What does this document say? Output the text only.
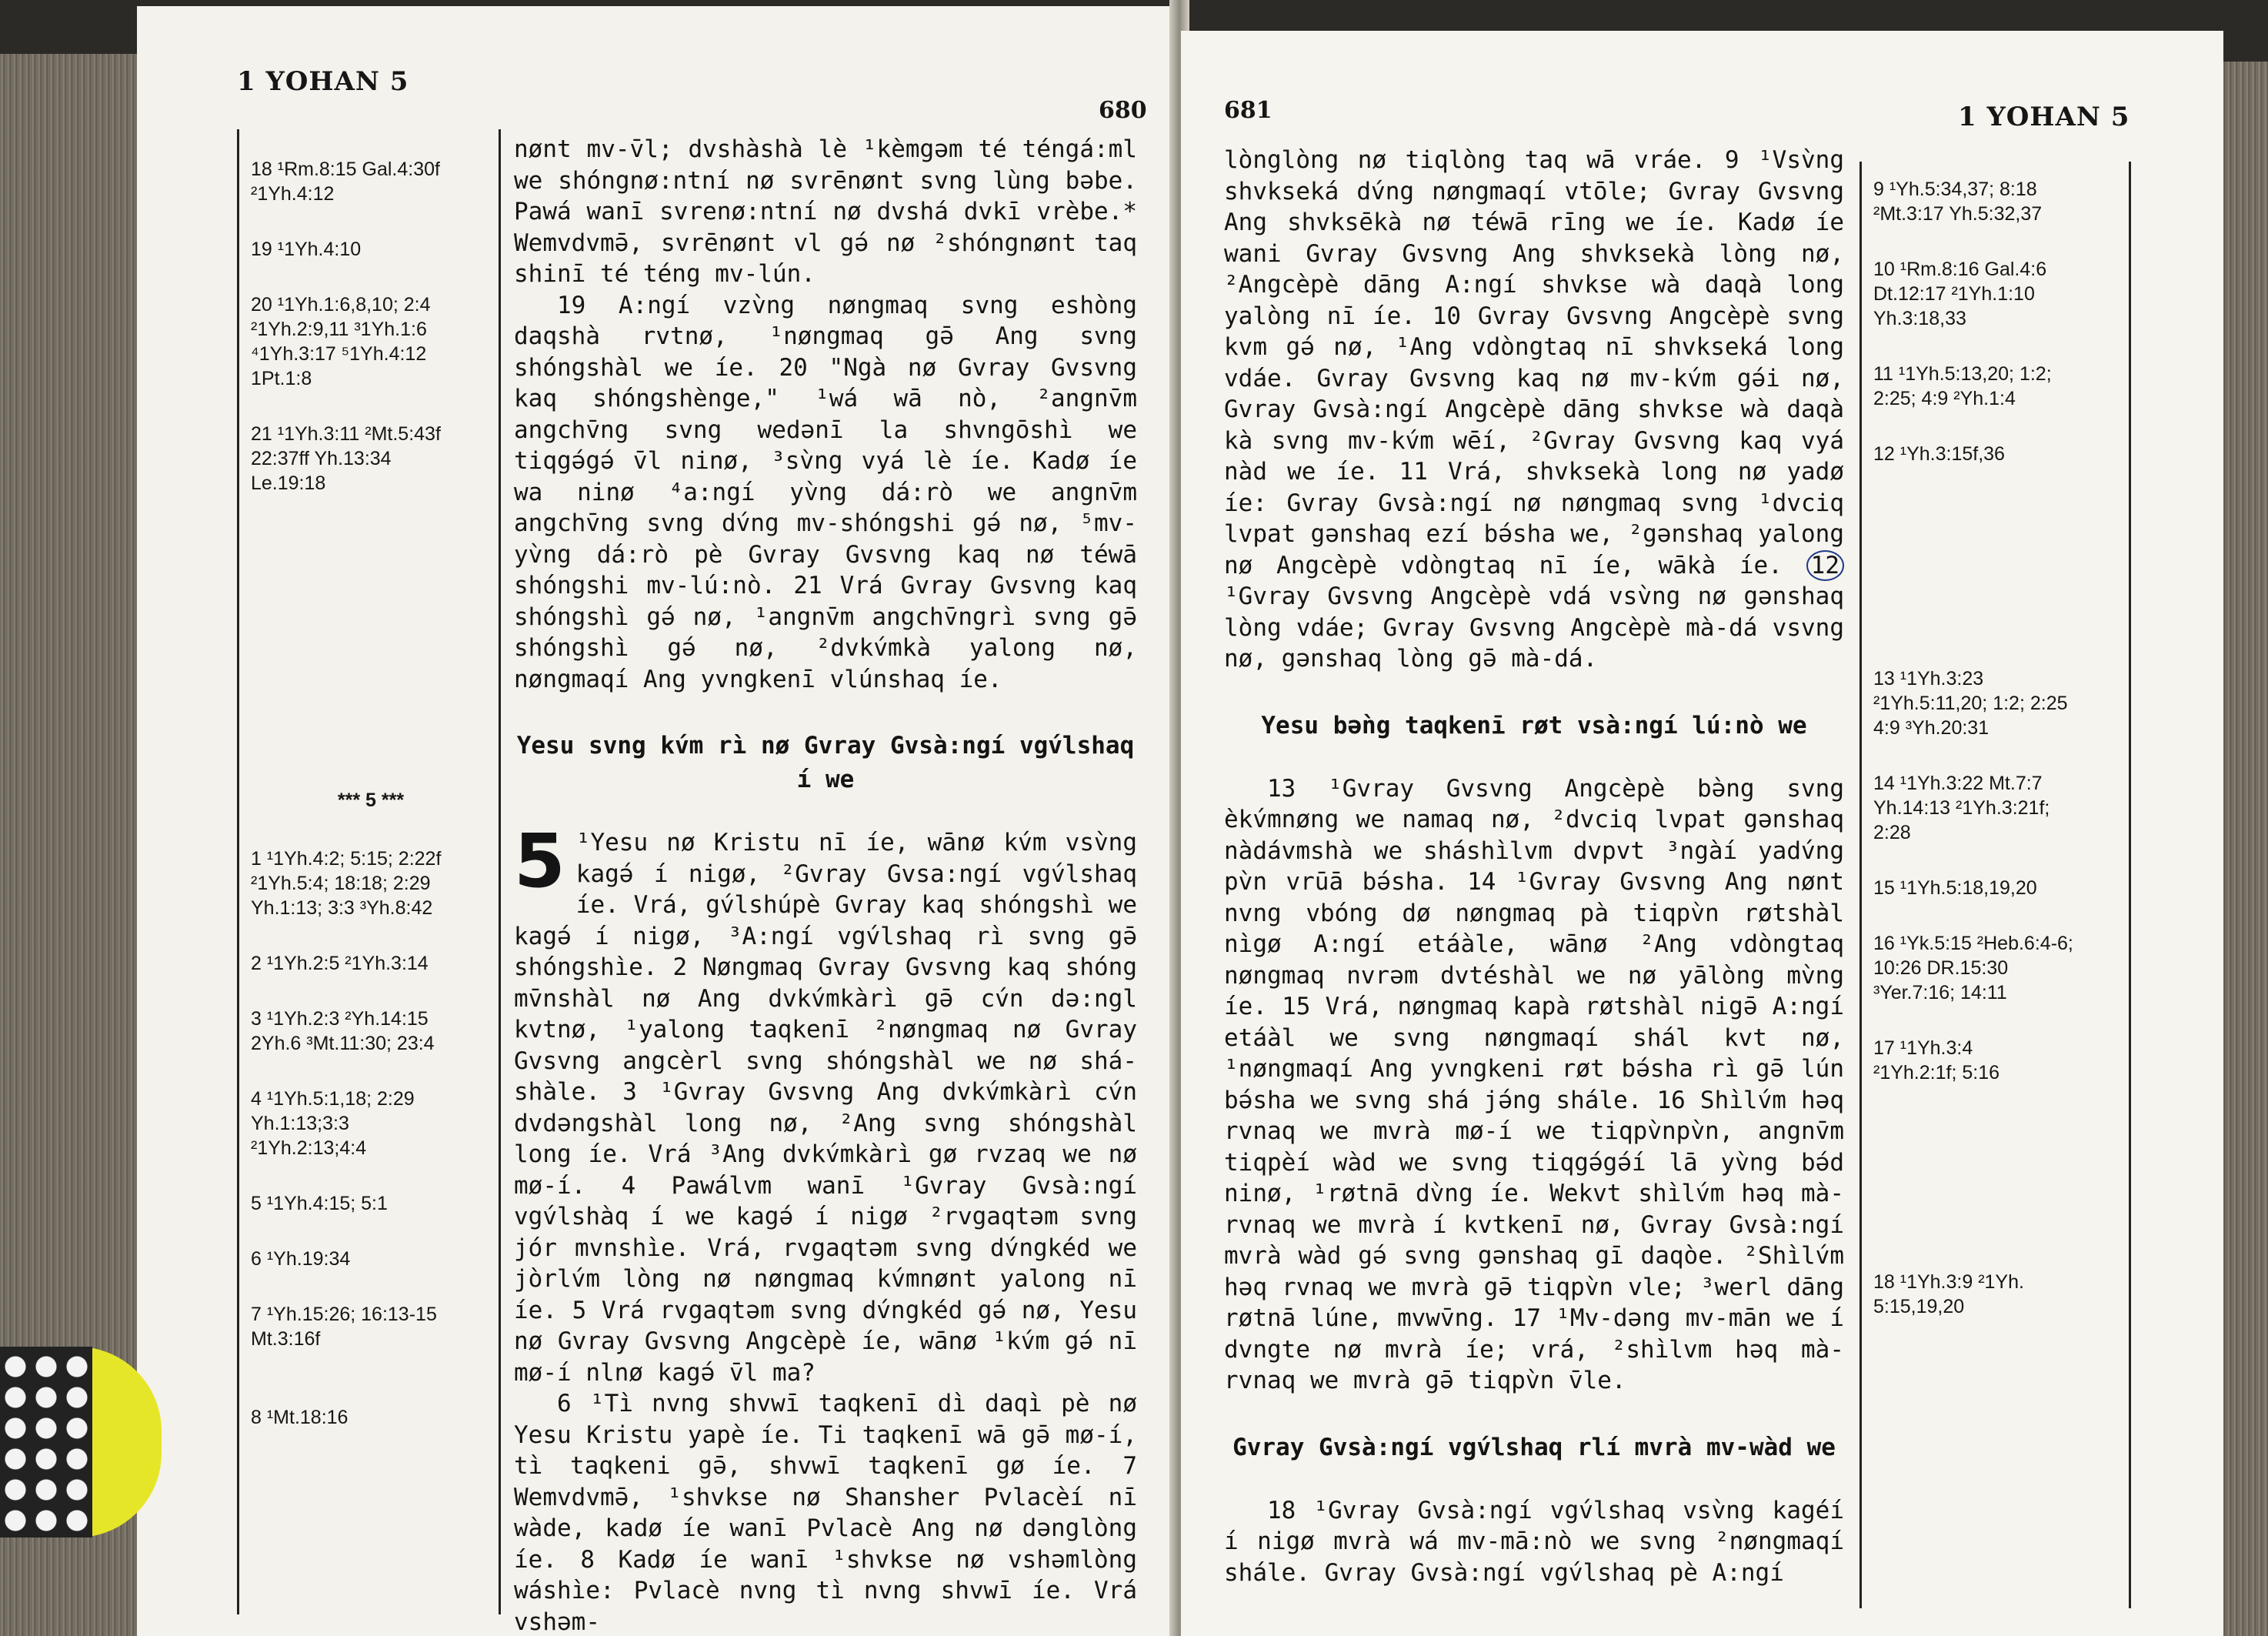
1 YOHAN 5
680
18 ¹Rm.8:15 Gal.4:30f
²1Yh.4:12
19 ¹1Yh.4:10
20 ¹1Yh.1:6,8,10; 2:4
²1Yh.2:9,11 ³1Yh.1:6
⁴1Yh.3:17 ⁵1Yh.4:12
1Pt.1:8
21 ¹1Yh.3:11 ²Mt.5:43f
22:37ff Yh.13:34
Le.19:18
*** 5 ***
1 ¹1Yh.4:2; 5:15; 2:22f
²1Yh.5:4; 18:18; 2:29
Yh.1:13; 3:3 ³Yh.8:42
2 ¹1Yh.2:5 ²1Yh.3:14
3 ¹1Yh.2:3 ²Yh.14:15
2Yh.6 ³Mt.11:30; 23:4
4 ¹1Yh.5:1,18; 2:29
Yh.1:13;3:3
²1Yh.2:13;4:4
5 ¹1Yh.4:15; 5:1
6 ¹Yh.19:34
7 ¹Yh.15:26; 16:13-15
Mt.3:16f
8 ¹Mt.18:16

nønt mv-v̄l; dvshàshà lè ¹kèmgəm té téngá:ml we shóngnø:ntní nø svrēnønt svng lùng bəbe. Pawá wanī svrenø:ntní nø dvshá dvkī vrèbe.* Wemvdvmə̄, svrēnønt vl gə́ nø ²shóngnønt taq shinī té téng mv-lún.

19 A:ngí vzv̀ng nøngmaq svng eshòng daqshà rvtnø, ¹nøngmaq gə̄ Ang svng shóngshàl we íe. 20 "Ngà nø Gvray Gvsvng kaq shóngshènge," ¹wá wā nò, ²angnv̄m angchv̄ng svng wedənī la shvngōshì we tiqgə́gə́ v̄l ninø, ³sv̀ng vyá lè íe. Kadø íe wa ninø ⁴a:ngí yv̀ng dá:rò we angnv̄m angchv̄ng svng dv́ng mv-shóngshi gə́ nø, ⁵mv-yv̀ng dá:rò pè Gvray Gvsvng kaq nø téwā shóngshi mv-lú:nò. 21 Vrá Gvray Gvsvng kaq shóngshì gə́ nø, ¹angnv̄m angchv̄ngrì svng gə̄ shóngshì gə́ nø, ²dvkv́mkà yalong nø, nøngmaqí Ang yvngkenī vlúnshaq íe.

Yesu svng kv́m rì nø Gvray Gvsà:ngí vgv́lshaq í we

5 ¹Yesu nø Kristu nī íe, wānø kv́m vsv̀ng kagə́ í nigø, ²Gvray Gvsa:ngí vgv́lshaq íe. Vrá, gv́lshúpè Gvray kaq shóngshì we kagə́ í nigø, ³A:ngí vgv́lshaq rì svng gə̄ shóngshìe. 2 Nøngmaq Gvray Gvsvng kaq shóng mv̄nshàl nø Ang dvkv́mkàrì gə̄ cv́n də:ngl kvtnø, ¹yalong taqkenī ²nøngmaq nø Gvray Gvsvng angcèrl svng shóngshàl we nø shá-shàle. 3 ¹Gvray Gvsvng Ang dvkv́mkàrì cv́n dvdəngshàl long nø, ²Ang svng shóngshàl long íe. Vrá ³Ang dvkv́mkàrì gø rvzaq we nø mø-í. 4 Pawálvm wanī ¹Gvray Gvsà:ngí vgv́lshàq í we kagə́ í nigø ²rvgaqtəm svng jór mvnshìe. Vrá, rvgaqtəm svng dv́ngkéd we jòrlv́m lòng nø nøngmaq kv́mnønt yalong nī íe. 5 Vrá rvgaqtəm svng dv́ngkéd gə́ nø, Yesu nø Gvray Gvsvng Angcèpè íe, wānø ¹kv́m gə́ nī mø-í nlnø kagə́ v̄l ma?

6 ¹Tì nvng shvwī taqkenī dì daqì pè nø Yesu Kristu yapè íe. Ti taqkenī wā gə̄ mø-í, tì taqkeni gə̄, shvwī taqkenī gø íe. 7 Wemvdvmə̄, ¹shvkse nø Shansher Pvlacèí nī wàde, kadø íe wanī Pvlacè Ang nø dənglòng íe. 8 Kadø íe wanī ¹shvkse nø vshəmlòng wáshìe: Pvlacè nvng tì nvng shvwī íe. Vrá vshəm-

681	1 YOHAN 5

lònglòng nø tiqlòng taq wā vráe. 9 ¹Vsv̀ng shvkseká dv́ng nøngmaqí vtōle; Gvray Gvsvng Ang shvksēkà nø téwā rīng we íe. Kadø íe wani Gvray Gvsvng Ang shvksekà lòng nø, ²Angcèpè dāng A:ngí shvkse wà daqà long yalòng nī íe. 10 Gvray Gvsvng Angcèpè svng kvm gə́ nø, ¹Ang vdòngtaq nī shvkseká long vdáe. Gvray Gvsvng kaq nø mv-kv́m gə́i nø, Gvray Gvsà:ngí Angcèpè dāng shvkse wà daqà kà svng mv-kv́m wēí, ²Gvray Gvsvng kaq vyá nàd we íe. 11 Vrá, shvksekà long nø yadø íe: Gvray Gvsà:ngí nø nøngmaq svng ¹dvciq lvpat gənshaq ezí bə́sha we, ²gənshaq yalong nø Angcèpè vdòngtaq nī íe, wākà íe. 12 ¹Gvray Gvsvng Angcèpè vdá vsv̀ng nø gənshaq lòng vdáe; Gvray Gvsvng Angcèpè mà-dá vsvng nø, gənshaq lòng gə̄ mà-dá.

Yesu bə̀ng taqkenī røt vsà:ngí lú:nò we

13 ¹Gvray Gvsvng Angcèpè bə̀ng svng èkv́mnøng we namaq nø, ²dvciq lvpat gənshaq nàdávmshà we sháshìlvm dvpvt ³ngàí yadv́ng pv̀n vrūā bə́sha. 14 ¹Gvray Gvsvng Ang nønt nvng vbóng dø nøngmaq pà tiqpv̀n røtshàl nìgø A:ngí etáàle, wānø ²Ang vdòngtaq nøngmaq nvrəm dvtéshàl we nø yālòng mv̀ng íe. 15 Vrá, nøngmaq kapà røtshàl nigə̄ A:ngí etáàl we svng nøngmaqí shál kvt nø, ¹nøngmaqí Ang yvngkeni røt bə́sha rì gə̄ lún bə́sha we svng shá jə́ng shále. 16 Shìlv́m həq rvnaq we mvrà mø-í we tiqpv̀npv̀n, angnv̄m tiqpèí wàd we svng tiqgə́gə́í lā yv̀ng bə́d ninø, ¹røtnā dv̀ng íe. Wekvt shìlv́m həq mà-rvnaq we mvrà í kvtkenī nø, Gvray Gvsà:ngí mvrà wàd gə́ svng gənshaq gī daqòe. ²Shìlv́m həq rvnaq we mvrà gə̄ tiqpv̀n vle; ³werl dāng røtnā lúne, mvwv̄ng. 17 ¹Mv-dəng mv-mān we í dvngte nø mvrà íe; vrá, ²shìlvm həq mà-rvnaq we mvrà gə̄ tiqpv̀n v̄le.

Gvray Gvsà:ngí vgv́lshaq rlí mvrà mv-wàd we

18 ¹Gvray Gvsà:ngí vgv́lshaq vsv̀ng kagéí í nigø mvrà wá mv-mā:nò we svng ²nøngmaqí shále. Gvray Gvsà:ngí vgv́lshaq pè A:ngí

9 ¹Yh.5:34,37; 8:18
²Mt.3:17 Yh.5:32,37
10 ¹Rm.8:16 Gal.4:6
Dt.12:17 ²1Yh.1:10
Yh.3:18,33
11 ¹1Yh.5:13,20; 1:2;
2:25; 4:9 ²Yh.1:4
12 ¹Yh.3:15f,36
13 ¹1Yh.3:23
²1Yh.5:11,20; 1:2; 2:25
4:9 ³Yh.20:31
14 ¹1Yh.3:22 Mt.7:7
Yh.14:13 ²1Yh.3:21f;
2:28
15 ¹1Yh.5:18,19,20
16 ¹Yk.5:15 ²Heb.6:4-6;
10:26 DR.15:30
³Yer.7:16; 14:11
17 ¹1Yh.3:4
²1Yh.2:1f; 5:16
18 ¹1Yh.3:9 ²1Yh.
5:15,19,20
